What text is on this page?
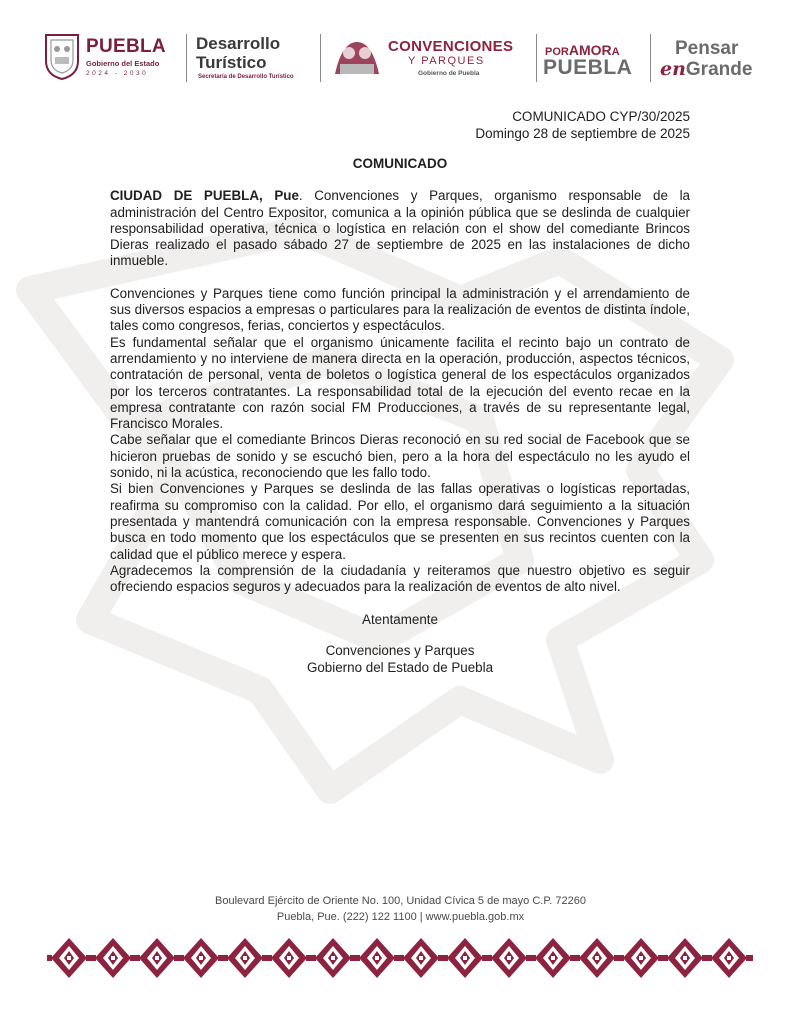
PUEBLA
Gobierno del Estado
2024 - 2030
Desarrollo
Turístico
Secretaría de Desarrollo Turístico
CONVENCIONES
Y PARQUES
Gobierno de Puebla
PORAMORA
PUEBLA
Pensar
enGrande
COMUNICADO CYP/30/2025
Domingo 28 de septiembre de 2025
COMUNICADO

CIUDAD DE PUEBLA, Pue. Convenciones y Parques, organismo responsable de la administración del Centro Expositor, comunica a la opinión pública que se deslinda de cualquier responsabilidad operativa, técnica o logística en relación con el show del comediante Brincos Dieras realizado el pasado sábado 27 de septiembre de 2025 en las instalaciones de dicho inmueble.

Convenciones y Parques tiene como función principal la administración y el arrendamiento de sus diversos espacios a empresas o particulares para la realización de eventos de distinta índole, tales como congresos, ferias, conciertos y espectáculos.

Es fundamental señalar que el organismo únicamente facilita el recinto bajo un contrato de arrendamiento y no interviene de manera directa en la operación, producción, aspectos técnicos, contratación de personal, venta de boletos o logística general de los espectáculos organizados por los terceros contratantes. La responsabilidad total de la ejecución del evento recae en la empresa contratante con razón social FM Producciones, a través de su representante legal, Francisco Morales.

Cabe señalar que el comediante Brincos Dieras reconoció en su red social de Facebook que se hicieron pruebas de sonido y se escuchó bien, pero a la hora del espectáculo no les ayudo el sonido, ni la acústica, reconociendo que les fallo todo.

Si bien Convenciones y Parques se deslinda de las fallas operativas o logísticas reportadas, reafirma su compromiso con la calidad. Por ello, el organismo dará seguimiento a la situación presentada y mantendrá comunicación con la empresa responsable. Convenciones y Parques busca en todo momento que los espectáculos que se presenten en sus recintos cuenten con la calidad que el público merece y espera.

Agradecemos la comprensión de la ciudadanía y reiteramos que nuestro objetivo es seguir ofreciendo espacios seguros y adecuados para la realización de eventos de alto nivel.

Atentamente
Convenciones y Parques
Gobierno del Estado de Puebla
Boulevard Ejército de Oriente No. 100, Unidad Cívica 5 de mayo C.P. 72260
Puebla, Pue. (222) 122 1100 | www.puebla.gob.mx
